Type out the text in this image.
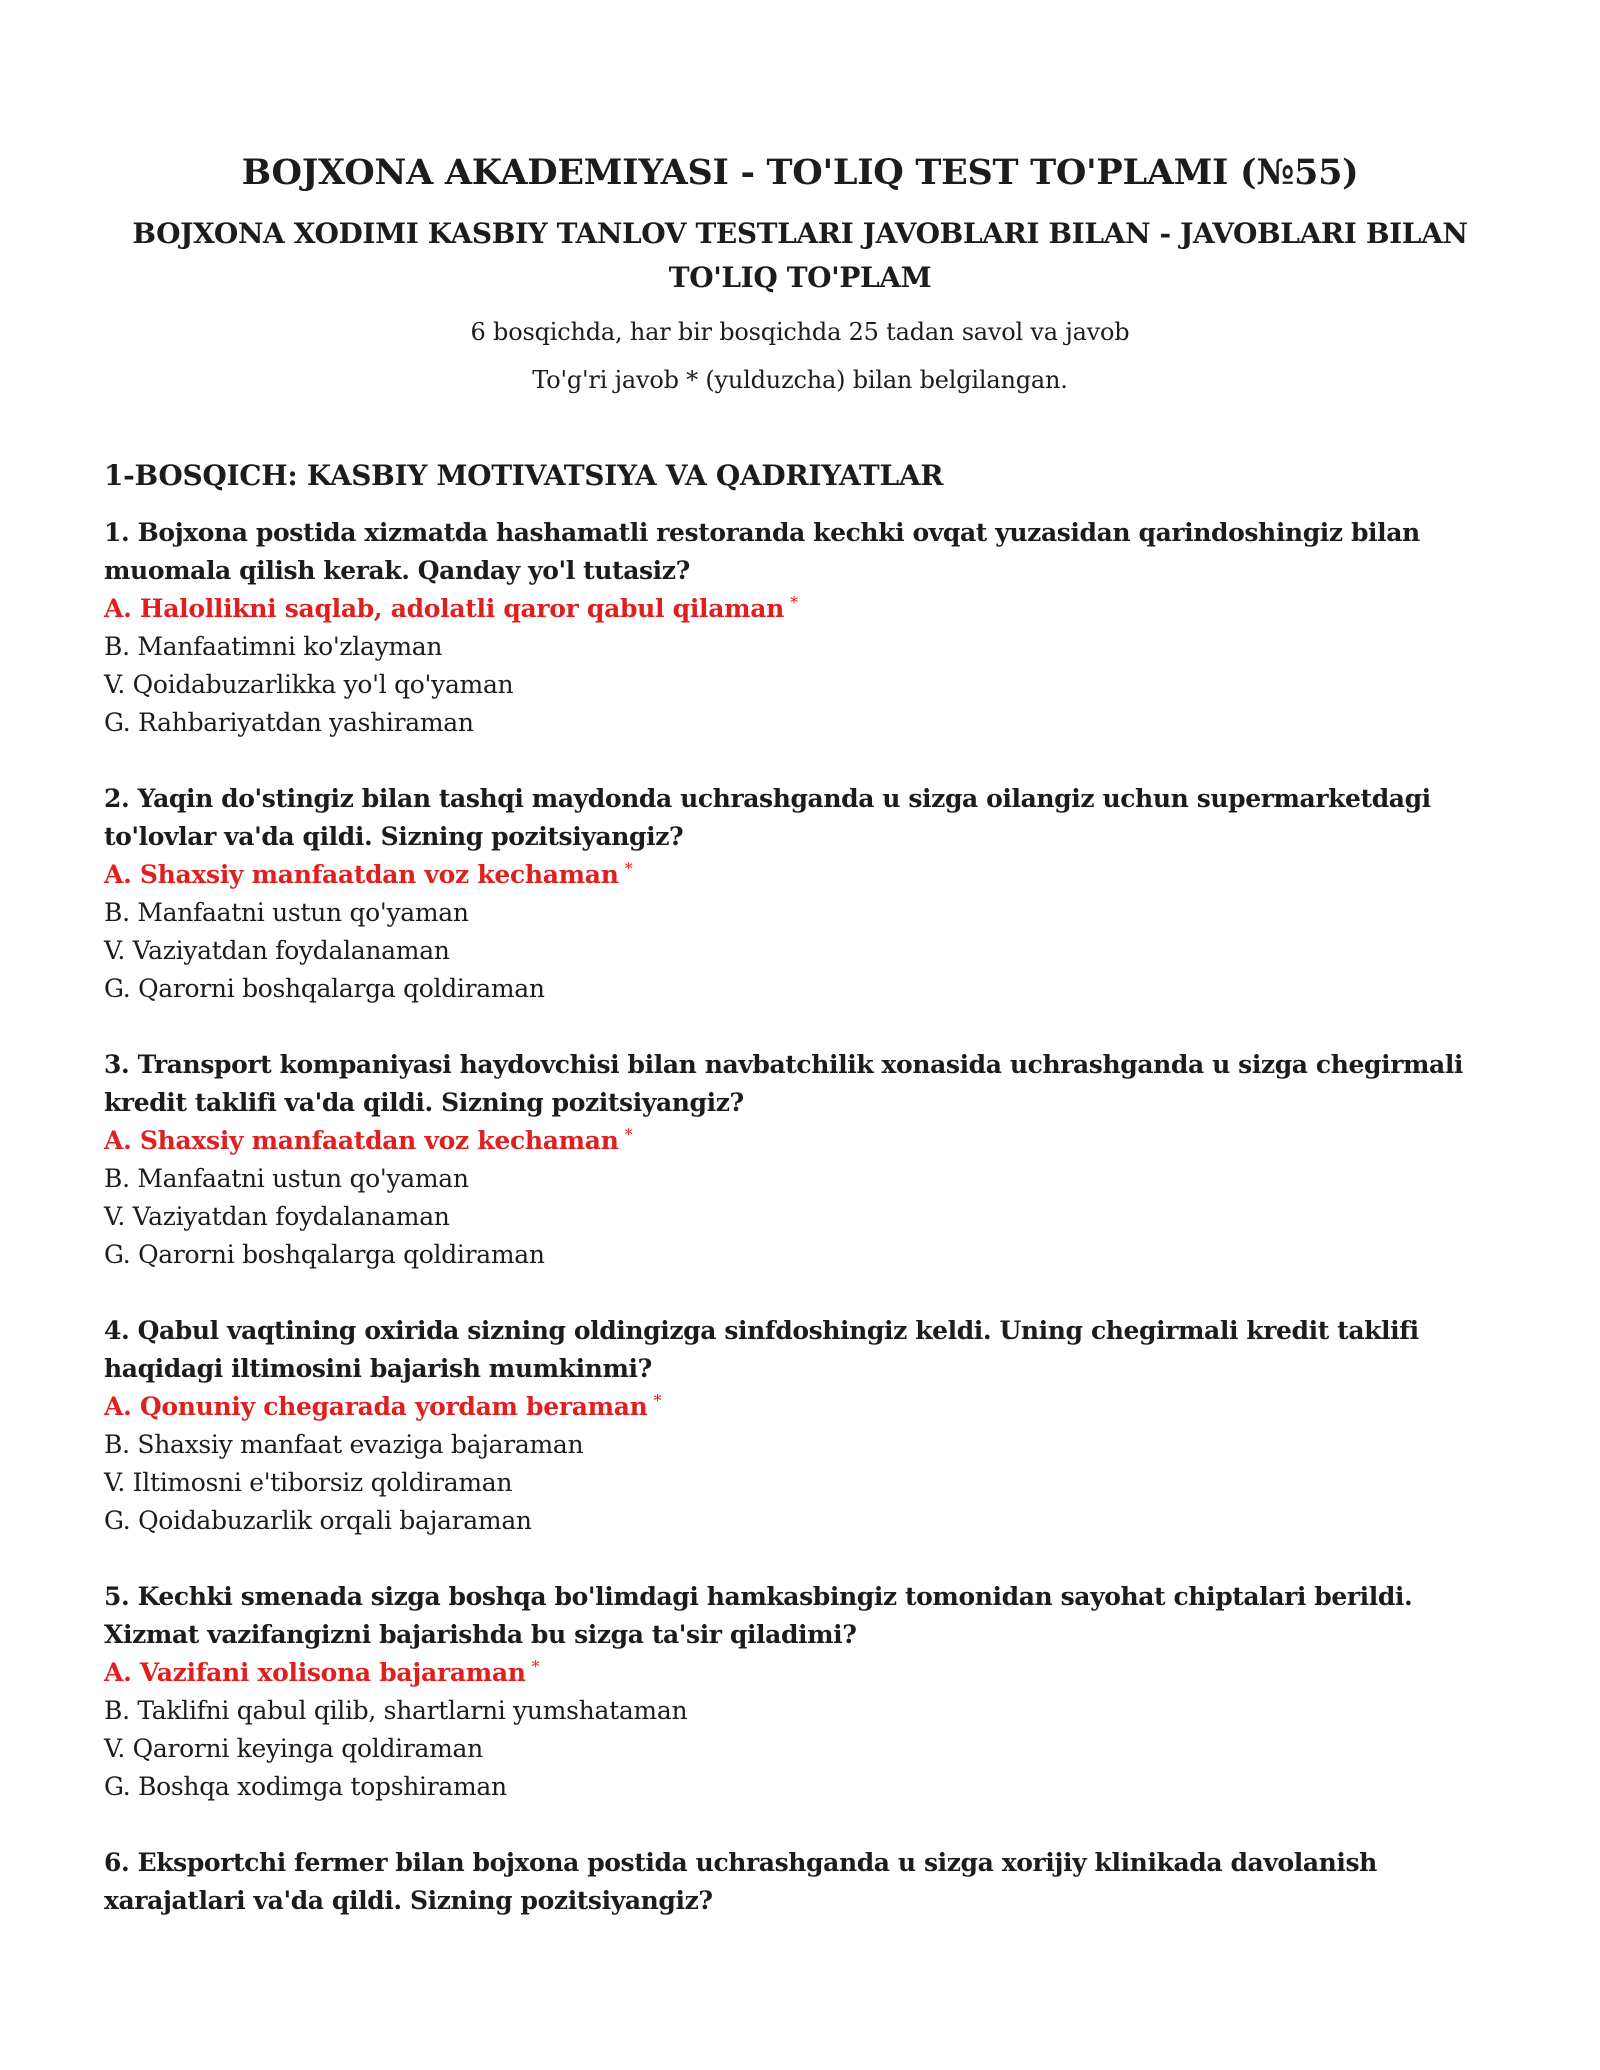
BOJXONA AKADEMIYASI - TO'LIQ TEST TO'PLAMI (№55)
BOJXONA XODIMI KASBIY TANLOV TESTLARI JAVOBLARI BILAN - JAVOBLARI BILAN TO'LIQ TO'PLAM

6 bosqichda, har bir bosqichda 25 tadan savol va javob

To'g'ri javob * (yulduzcha) bilan belgilangan.

1-BOSQICH: KASBIY MOTIVATSIYA VA QADRIYATLAR

1. Bojxona postida xizmatda hashamatli restoranda kechki ovqat yuzasidan qarindoshingiz bilan muomala qilish kerak. Qanday yo'l tutasiz?

A. Halollikni saqlab, adolatli qaror qabul qilaman *
B. Manfaatimni ko'zlayman
V. Qoidabuzarlikka yo'l qo'yaman
G. Rahbariyatdan yashiraman

2. Yaqin do'stingiz bilan tashqi maydonda uchrashganda u sizga oilangiz uchun supermarketdagi to'lovlar va'da qildi. Sizning pozitsiyangiz?

A. Shaxsiy manfaatdan voz kechaman *
B. Manfaatni ustun qo'yaman
V. Vaziyatdan foydalanaman
G. Qarorni boshqalarga qoldiraman

3. Transport kompaniyasi haydovchisi bilan navbatchilik xonasida uchrashganda u sizga chegirmali kredit taklifi va'da qildi. Sizning pozitsiyangiz?

A. Shaxsiy manfaatdan voz kechaman *
B. Manfaatni ustun qo'yaman
V. Vaziyatdan foydalanaman
G. Qarorni boshqalarga qoldiraman

4. Qabul vaqtining oxirida sizning oldingizga sinfdoshingiz keldi. Uning chegirmali kredit taklifi haqidagi iltimosini bajarish mumkinmi?

A. Qonuniy chegarada yordam beraman *
B. Shaxsiy manfaat evaziga bajaraman
V. Iltimosni e'tiborsiz qoldiraman
G. Qoidabuzarlik orqali bajaraman

5. Kechki smenada sizga boshqa bo'limdagi hamkasbingiz tomonidan sayohat chiptalari berildi. Xizmat vazifangizni bajarishda bu sizga ta'sir qiladimi?

A. Vazifani xolisona bajaraman *
B. Taklifni qabul qilib, shartlarni yumshataman
V. Qarorni keyinga qoldiraman
G. Boshqa xodimga topshiraman

6. Eksportchi fermer bilan bojxona postida uchrashganda u sizga xorijiy klinikada davolanish xarajatlari va'da qildi. Sizning pozitsiyangiz?
